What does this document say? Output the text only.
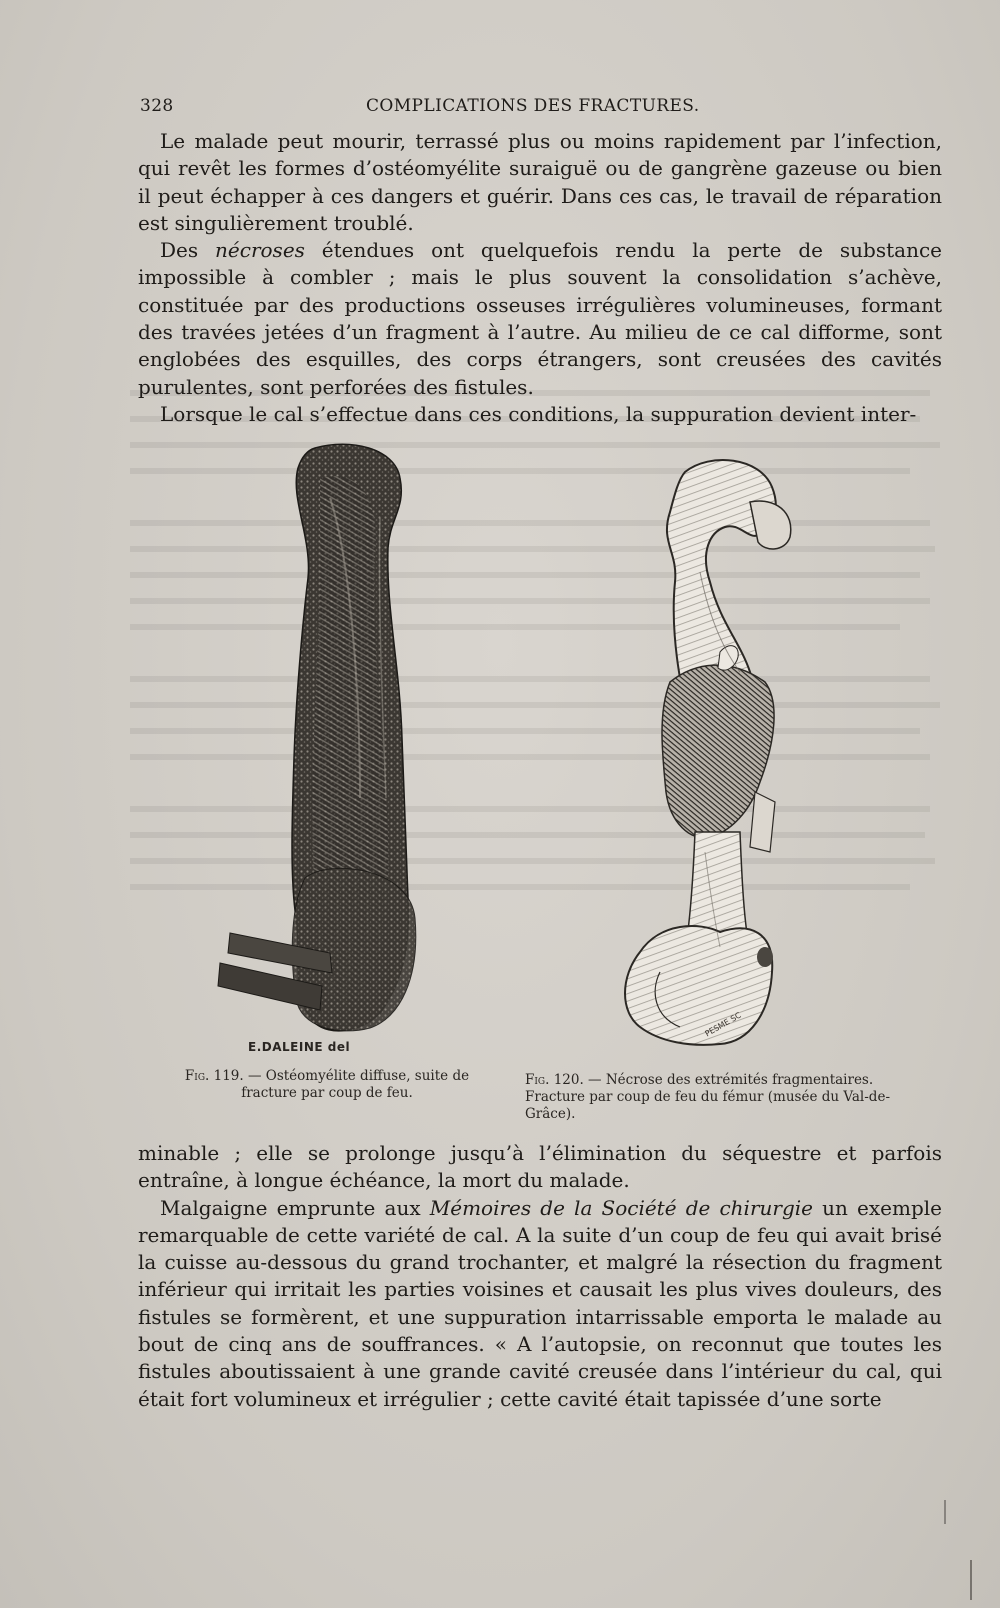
328	COMPLICATIONS DES FRACTURES.

Le malade peut mourir, terrassé plus ou moins rapidement par l’infection, qui revêt les formes d’ostéomyélite suraiguë ou de gangrène gazeuse ou bien il peut échapper à ces dangers et guérir. Dans ces cas, le travail de réparation est singulièrement troublé.

Des nécroses étendues ont quelquefois rendu la perte de substance impossible à combler ; mais le plus souvent la consolidation s’achève, constituée par des productions osseuses irrégulières volumineuses, formant des travées jetées d’un fragment à l’autre. Au milieu de ce cal difforme, sont englobées des esquilles, des corps étrangers, sont creusées des cavités purulentes, sont perforées des fistules.

Lorsque le cal s’effectue dans ces conditions, la suppuration devient inter-

E.DALEINE del
PESME SC
Fig. 119. — Ostéomyélite diffuse, suite de fracture par coup de feu.
Fig. 120. — Nécrose des extrémités fragmentaires. Fracture par coup de feu du fémur (musée du Val-de-Grâce).

minable ; elle se prolonge jusqu’à l’élimination du séquestre et parfois entraîne, à longue échéance, la mort du malade.

Malgaigne emprunte aux Mémoires de la Société de chirurgie un exemple remarquable de cette variété de cal. A la suite d’un coup de feu qui avait brisé la cuisse au-dessous du grand trochanter, et malgré la résection du fragment inférieur qui irritait les parties voisines et causait les plus vives douleurs, des fistules se formèrent, et une suppuration intarrissable emporta le malade au bout de cinq ans de souffrances. « A l’autopsie, on reconnut que toutes les fistules aboutissaient à une grande cavité creusée dans l’intérieur du cal, qui était fort volumineux et irrégulier ; cette cavité était tapissée d’une sorte
